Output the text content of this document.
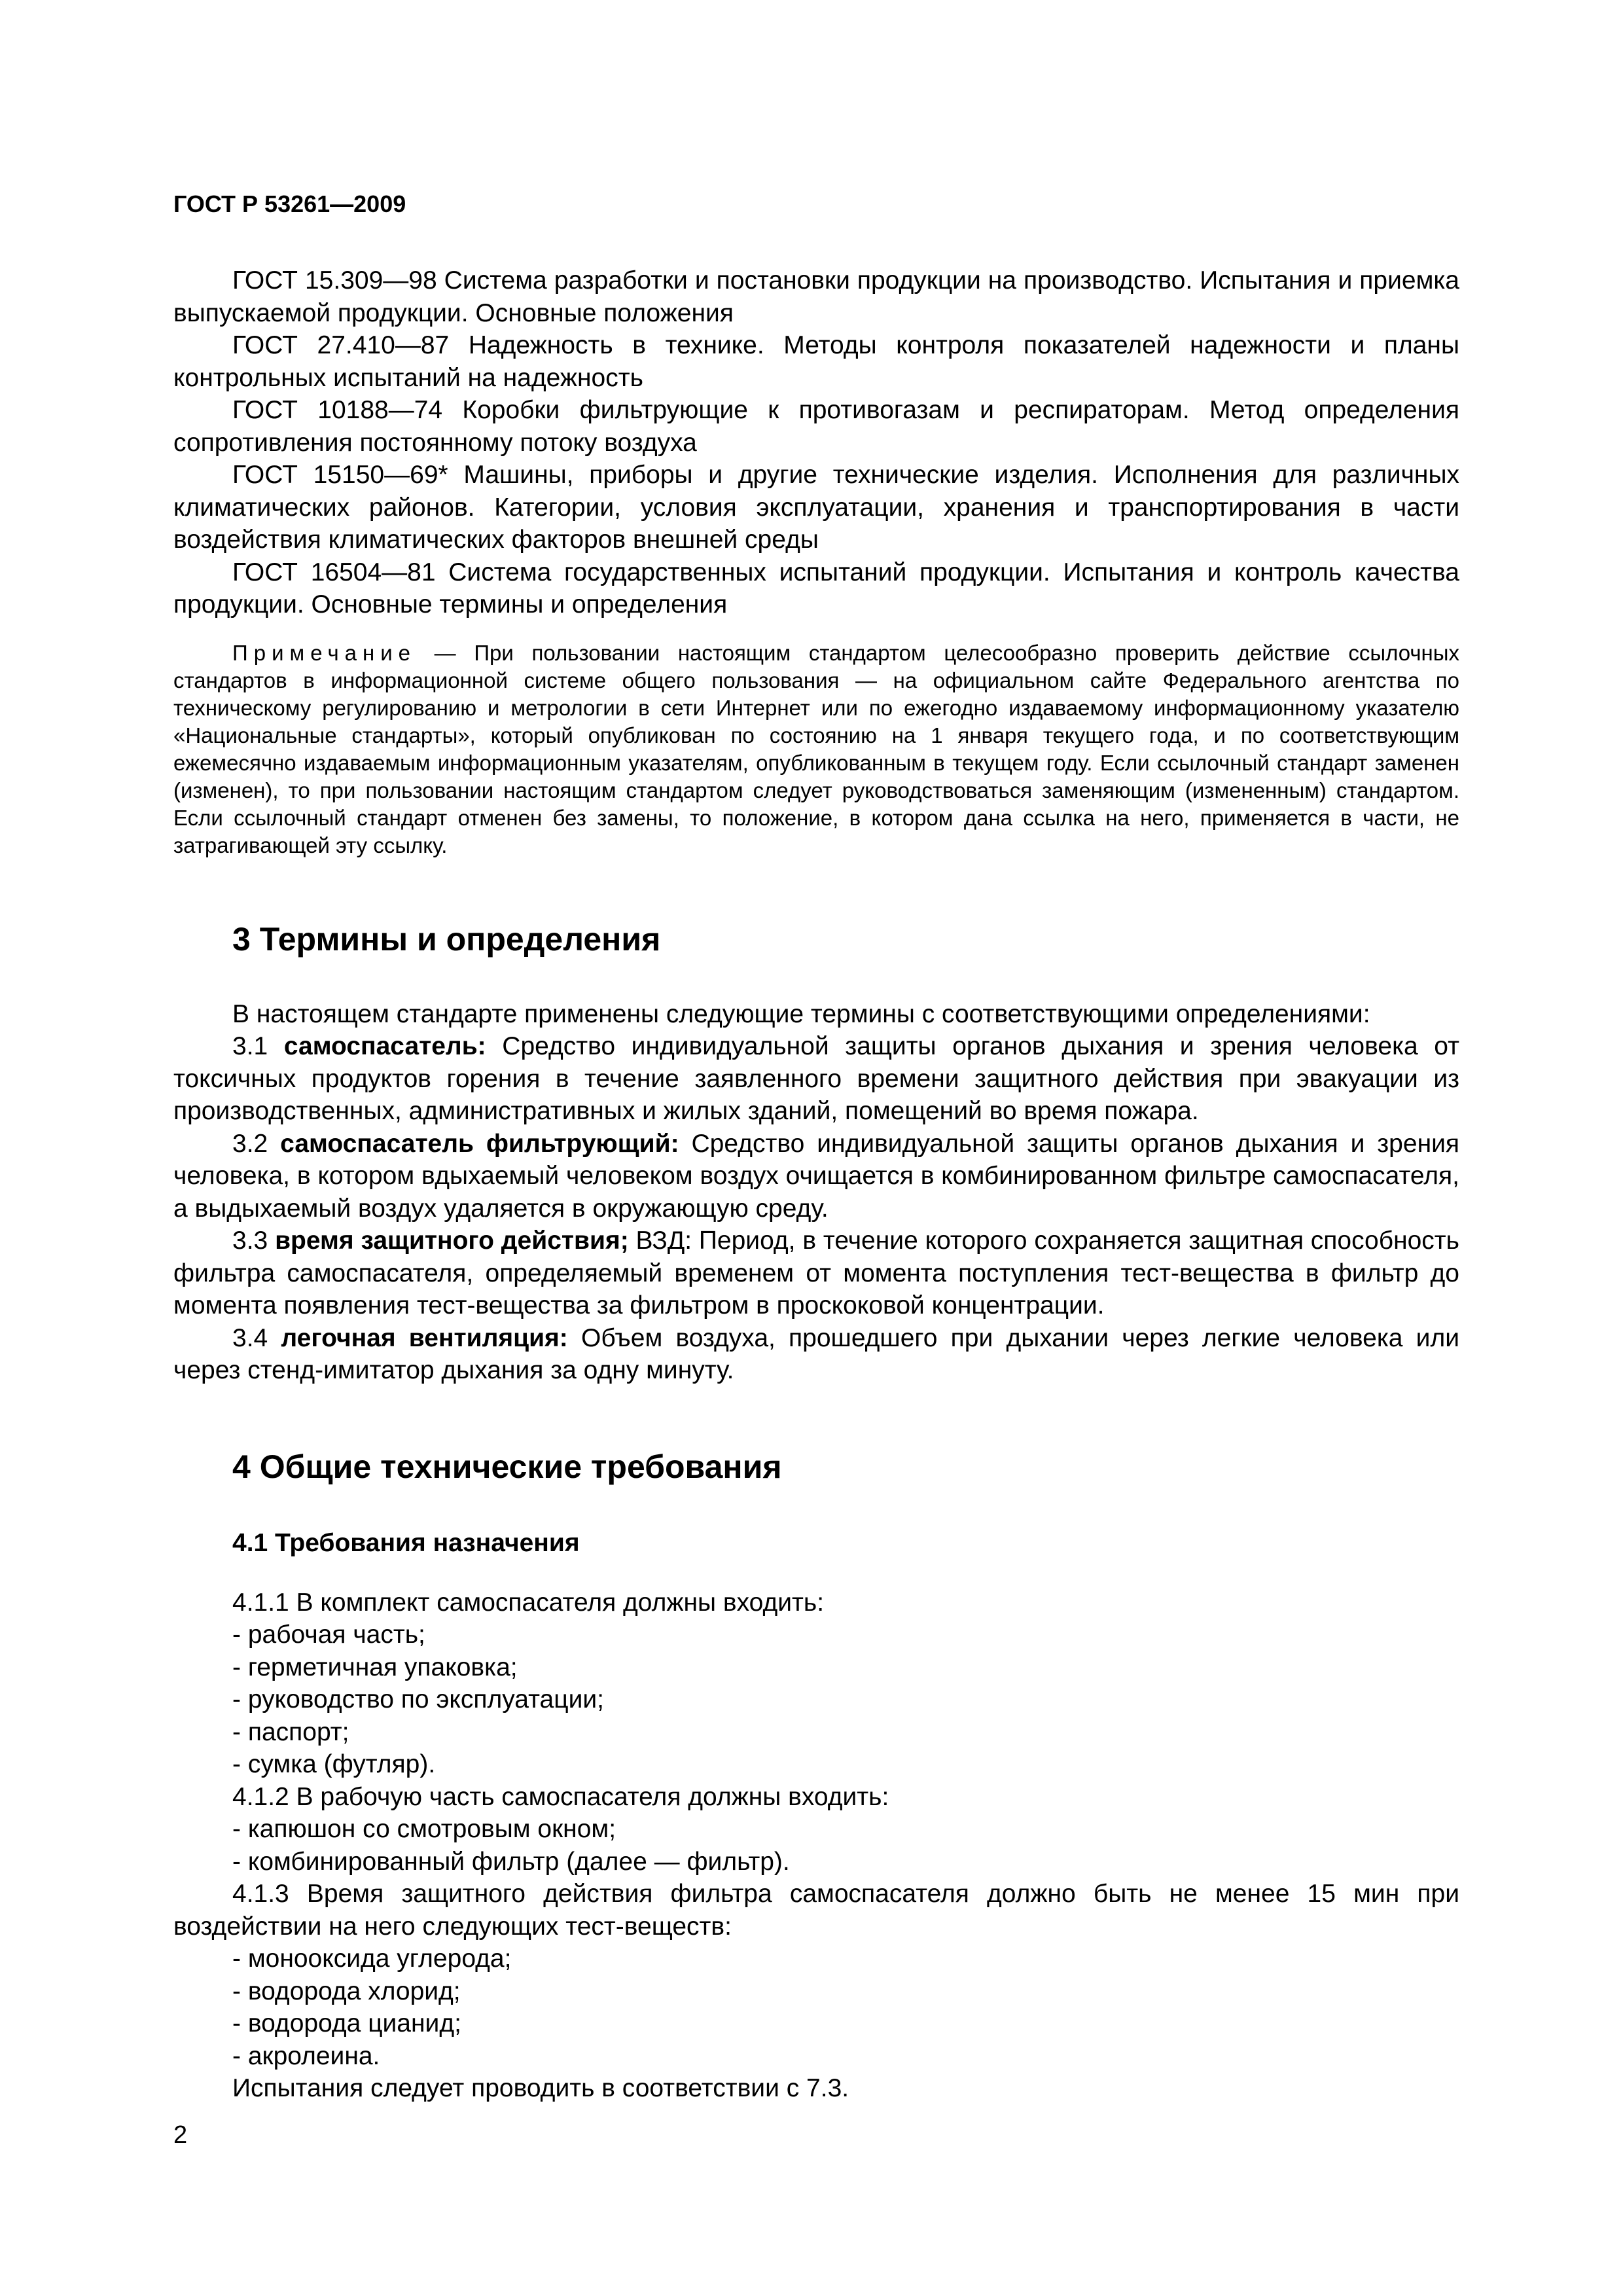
ГОСТ Р 53261—2009

ГОСТ 15.309—98 Система разработки и постановки продукции на производство. Испытания и приемка выпускаемой продукции. Основные положения

ГОСТ 27.410—87 Надежность в технике. Методы контроля показателей надежности и планы контрольных испытаний на надежность

ГОСТ 10188—74 Коробки фильтрующие к противогазам и респираторам. Метод определения сопротивления постоянному потоку воздуха

ГОСТ 15150—69* Машины, приборы и другие технические изделия. Исполнения для различных климатических районов. Категории, условия эксплуатации, хранения и транспортирования в части воздействия климатических факторов внешней среды

ГОСТ 16504—81 Система государственных испытаний продукции. Испытания и контроль качества продукции. Основные термины и определения

Примечание — При пользовании настоящим стандартом целесообразно проверить действие ссылочных стандартов в информационной системе общего пользования — на официальном сайте Федерального агентства по техническому регулированию и метрологии в сети Интернет или по ежегодно издаваемому информационному указателю «Национальные стандарты», который опубликован по состоянию на 1 января текущего года, и по соответствующим ежемесячно издаваемым информационным указателям, опубликованным в текущем году. Если ссылочный стандарт заменен (изменен), то при пользовании настоящим стандартом следует руководствоваться заменяющим (измененным) стандартом. Если ссылочный стандарт отменен без замены, то положение, в котором дана ссылка на него, применяется в части, не затрагивающей эту ссылку.

3 Термины и определения

В настоящем стандарте применены следующие термины с соответствующими определениями:

3.1 самоспасатель: Средство индивидуальной защиты органов дыхания и зрения человека от токсичных продуктов горения в течение заявленного времени защитного действия при эвакуации из производственных, административных и жилых зданий, помещений во время пожара.

3.2 самоспасатель фильтрующий: Средство индивидуальной защиты органов дыхания и зрения человека, в котором вдыхаемый человеком воздух очищается в комбинированном фильтре самоспасателя, а выдыхаемый воздух удаляется в окружающую среду.

3.3 время защитного действия; ВЗД: Период, в течение которого сохраняется защитная способность фильтра самоспасателя, определяемый временем от момента поступления тест-вещества в фильтр до момента появления тест-вещества за фильтром в проскоковой концентрации.

3.4 легочная вентиляция: Объем воздуха, прошедшего при дыхании через легкие человека или через стенд-имитатор дыхания за одну минуту.

4 Общие технические требования
4.1 Требования назначения

4.1.1 В комплект самоспасателя должны входить:

- рабочая часть;

- герметичная упаковка;

- руководство по эксплуатации;

- паспорт;

- сумка (футляр).

4.1.2 В рабочую часть самоспасателя должны входить:

- капюшон со смотровым окном;

- комбинированный фильтр (далее — фильтр).

4.1.3 Время защитного действия фильтра самоспасателя должно быть не менее 15 мин при воздействии на него следующих тест-веществ:

- монооксида углерода;

- водорода хлорид;

- водорода цианид;

- акролеина.

Испытания следует проводить в соответствии с 7.3.

2
